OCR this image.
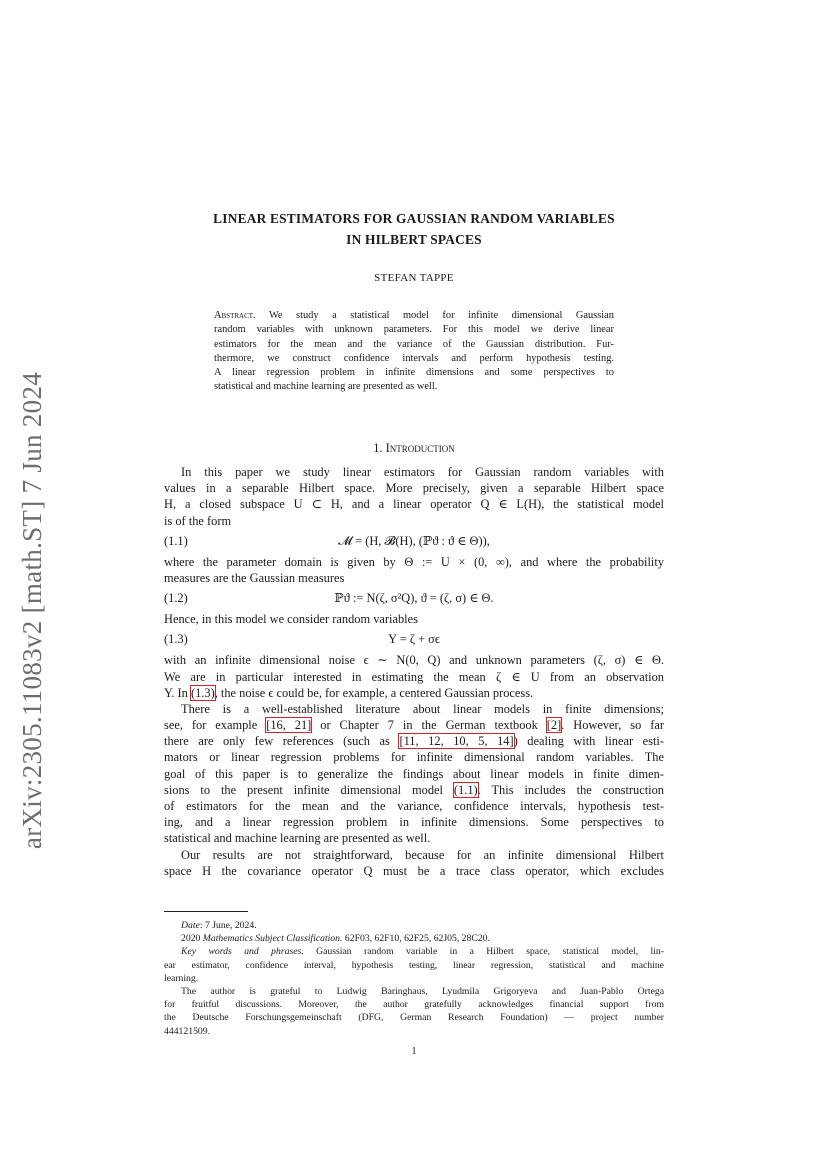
arXiv:2305.11083v2 [math.ST] 7 Jun 2024
LINEAR ESTIMATORS FOR GAUSSIAN RANDOM VARIABLES
IN HILBERT SPACES
STEFAN TAPPE
Abstract. We study a statistical model for infinite dimensional Gaussian
random variables with unknown parameters. For this model we derive linear
estimators for the mean and the variance of the Gaussian distribution. Fur-
thermore, we construct confidence intervals and perform hypothesis testing.
A linear regression problem in infinite dimensions and some perspectives to
statistical and machine learning are presented as well.
1. Introduction
In this paper we study linear estimators for Gaussian random variables with
values in a separable Hilbert space. More precisely, given a separable Hilbert space
H, a closed subspace U ⊂ H, and a linear operator Q ∈ L(H), the statistical model
is of the form
(1.1)	𝓜 = (H, 𝓑(H), (ℙϑ : ϑ ∈ Θ)),
where the parameter domain is given by Θ := U × (0, ∞), and where the probability
measures are the Gaussian measures
(1.2)	ℙϑ := N(ζ, σ²Q), ϑ = (ζ, σ) ∈ Θ.
Hence, in this model we consider random variables
(1.3)	Y = ζ + σϵ
with an infinite dimensional noise ϵ ∼ N(0, Q) and unknown parameters (ζ, σ) ∈ Θ.
We are in particular interested in estimating the mean ζ ∈ U from an observation
Y. In (1.3), the noise ϵ could be, for example, a centered Gaussian process.
There is a well-established literature about linear models in finite dimensions;
see, for example [16, 21] or Chapter 7 in the German textbook [2]. However, so far
there are only few references (such as [11, 12, 10, 5, 14]) dealing with linear esti-
mators or linear regression problems for infinite dimensional random variables. The
goal of this paper is to generalize the findings about linear models in finite dimen-
sions to the present infinite dimensional model (1.1). This includes the construction
of estimators for the mean and the variance, confidence intervals, hypothesis test-
ing, and a linear regression problem in infinite dimensions. Some perspectives to
statistical and machine learning are presented as well.
Our results are not straightforward, because for an infinite dimensional Hilbert
space H the covariance operator Q must be a trace class operator, which excludes
Date: 7 June, 2024.
2020 Mathematics Subject Classification. 62F03, 62F10, 62F25, 62J05, 28C20.
Key words and phrases. Gaussian random variable in a Hilbert space, statistical model, lin-
ear estimator, confidence interval, hypothesis testing, linear regression, statistical and machine
learning.
The author is grateful to Ludwig Baringhaus, Lyudmila Grigoryeva and Juan-Pablo Ortega
for fruitful discussions. Moreover, the author gratefully acknowledges financial support from
the Deutsche Forschungsgemeinschaft (DFG, German Research Foundation) — project number
444121509.
1
